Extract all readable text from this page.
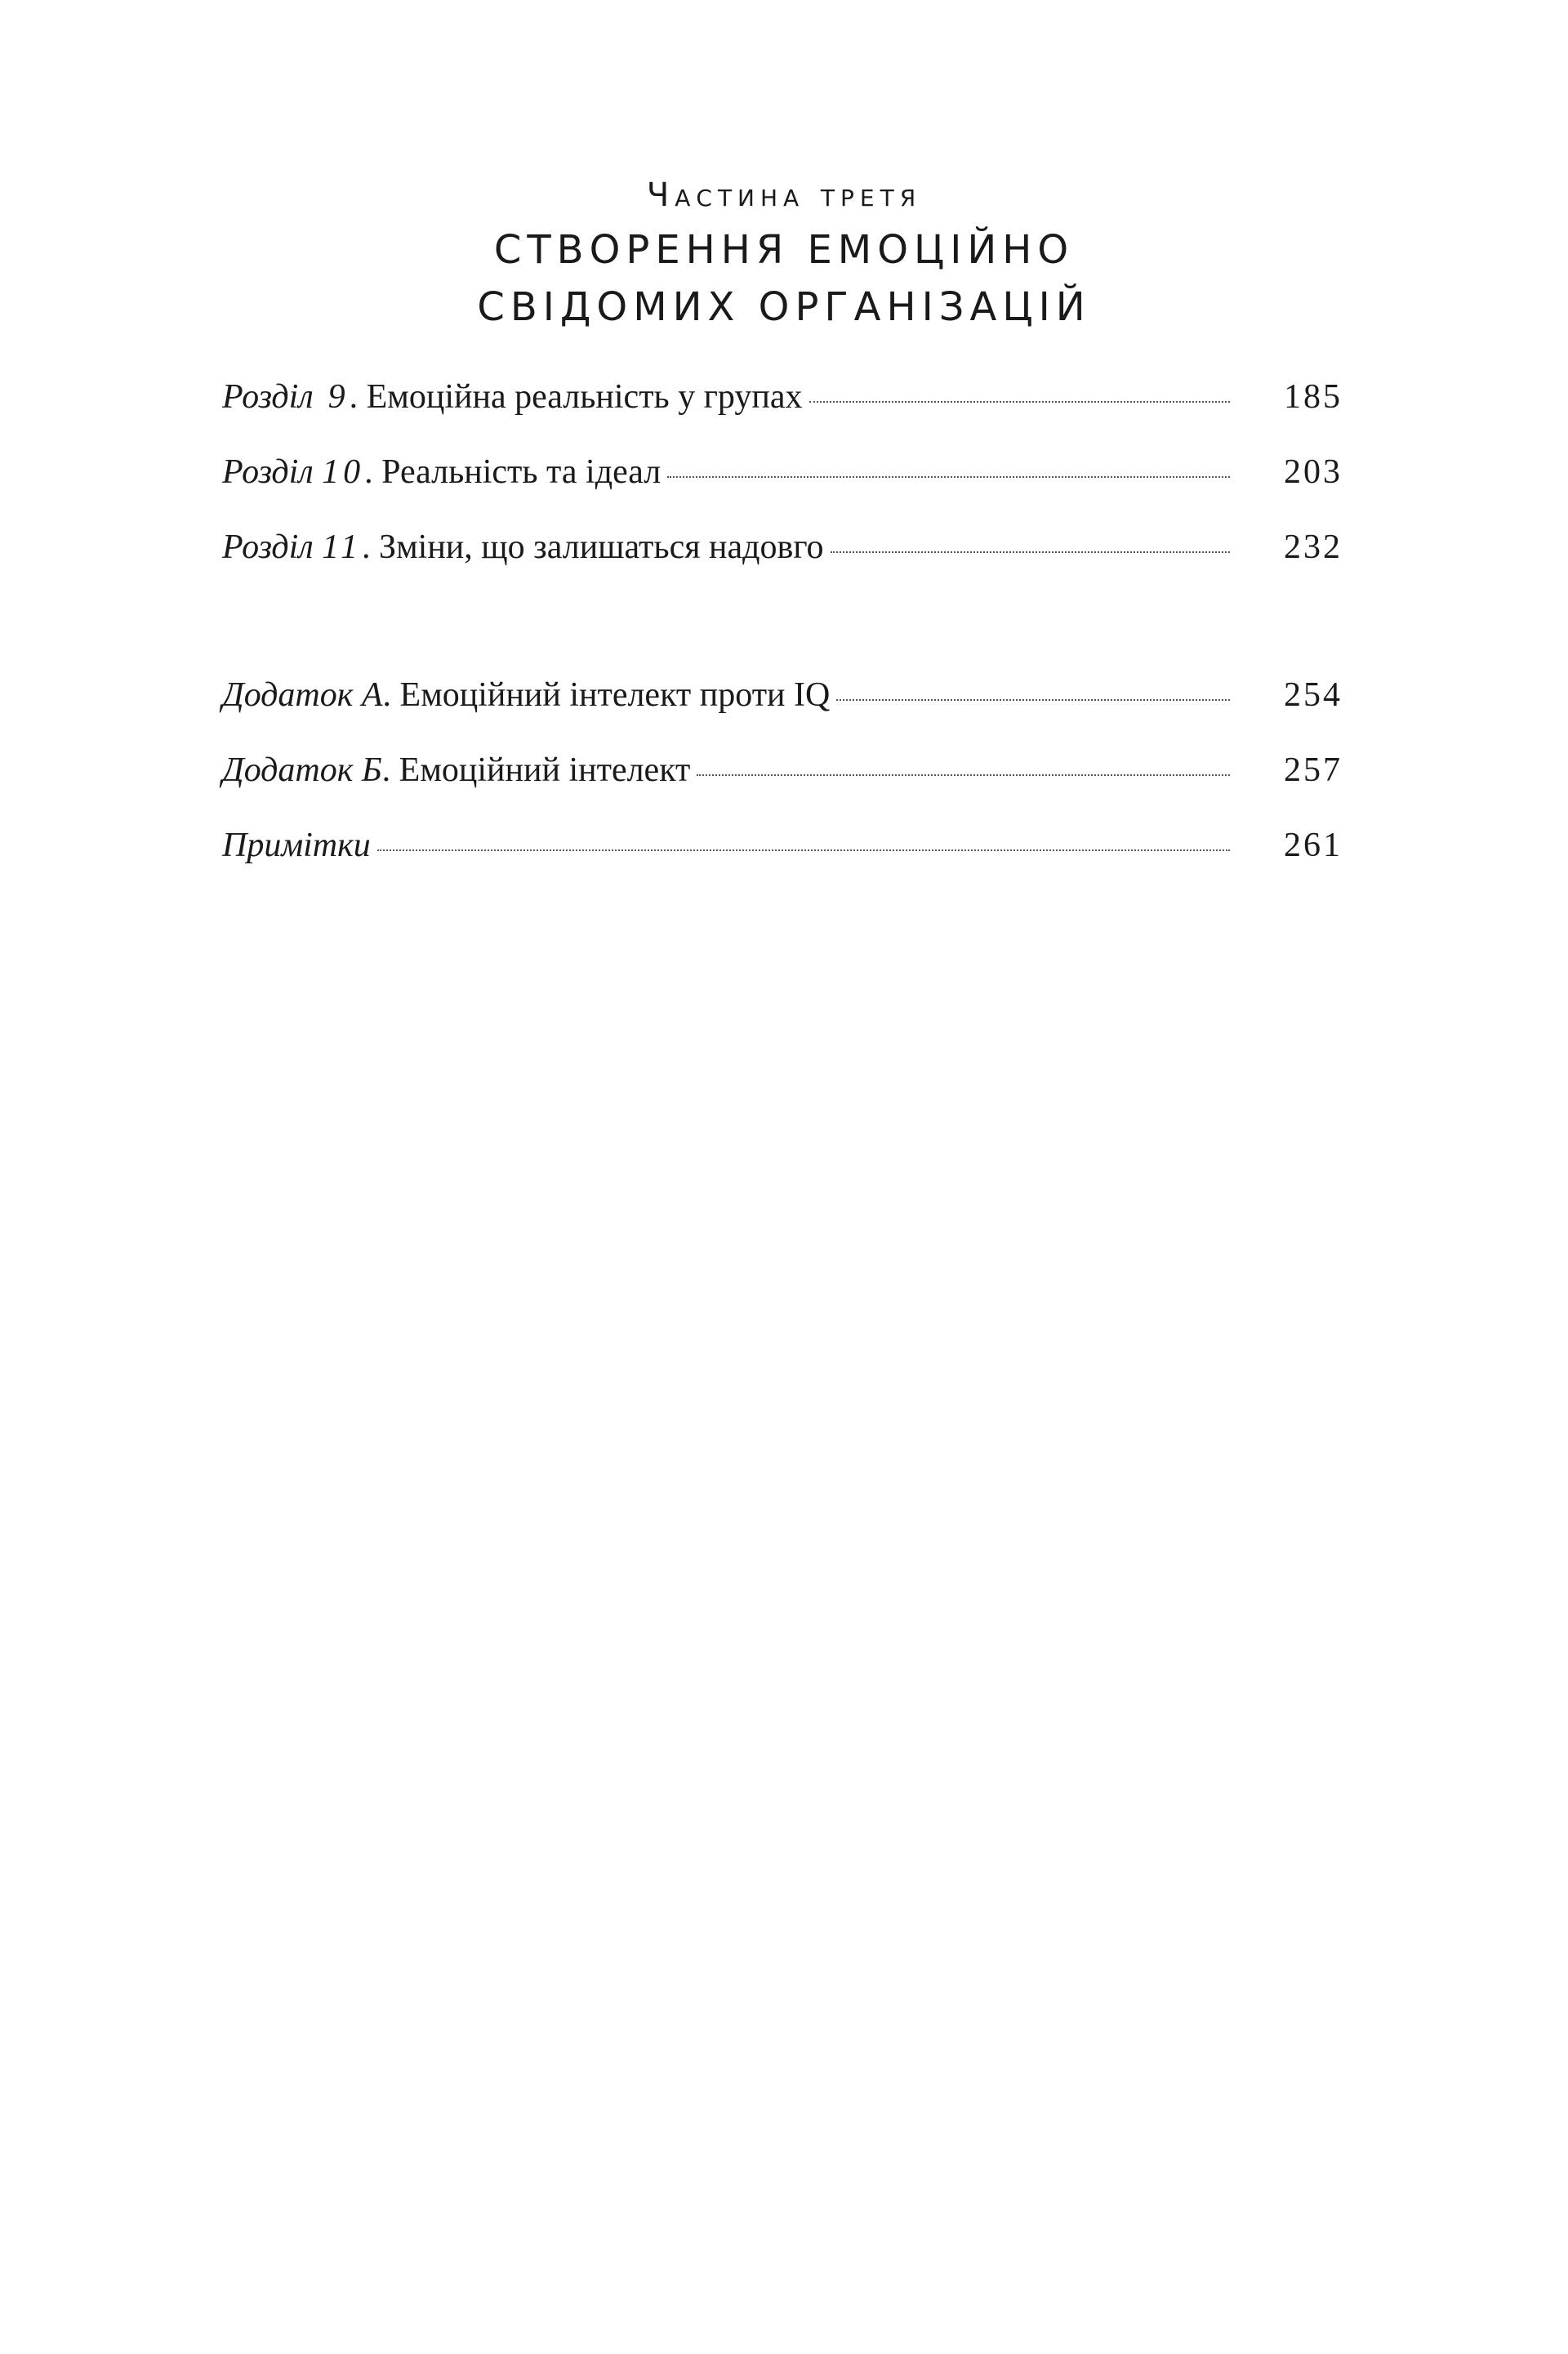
Частина третя
СТВОРЕННЯ ЕМОЦІЙНО
СВІДОМИХ ОРГАНІЗАЦІЙ
Розділ 9. Емоційна реальність у групах	185
Розділ 10. Реальність та ідеал	203
Розділ 11. Зміни, що залишаться надовго	232
Додаток А. Емоційний інтелект проти IQ	254
Додаток Б. Емоційний інтелект	257
Примітки	261
